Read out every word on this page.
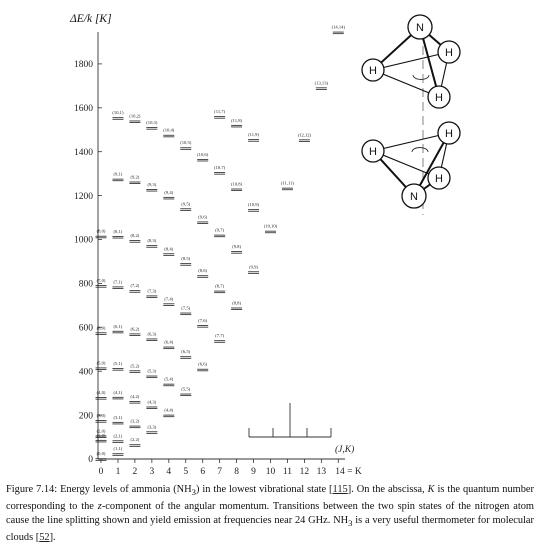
ΔE/k [K]
0
200
400
600
800
1000
1200
1400
1600
1800
0 1 2 3 4 5 6 7 8 9 10 11 12 13 14 = K
(0,0)
(1,0)
(2,0)
(3,0)
(4,0)
(5,0)
(6,0)
(7,0)
(8,0)
(1,1)
(2,1)
(3,1)
(4,1)
(5,1)
(6,1)
(7,1)
(8,1)
(9,1)
(10,1)
(2,2)
(3,2)
(4,2)
(5,2)
(6,2)
(7,2)
(8,2)
(9,2)
(10,2)
(3,3)
(4,3)
(5,3)
(6,3)
(7,3)
(8,3)
(9,3)
(10,3)
(4,4)
(5,4)
(6,4)
(7,4)
(8,4)
(9,4)
(10,4)
(5,5)
(6,5)
(7,5)
(8,5)
(9,5)
(10,5)
(6,6)
(7,6)
(8,6)
(9,6)
(10,6)
(7,7)
(8,7)
(9,7)
(10,7)
(11,7)
(8,8)
(9,8)
(10,8)
(11,8)
(9,9)
(10,9)
(11,9)
(10,10)
(11,11)
(12,12)
(13,13)
(14,14)
(J,K)
N
H
H
H
N
H
H
H
Figure 7.14: Energy levels of ammonia $(NH_3)$ in the lowest vibrational state [115]. On the abscissa, K is the quantum number corresponding to the z-component of the angular momentum. Transitions between the two spin states of the nitrogen atom cause the line splitting shown and yield emission at frequencies near 24 GHz. $NH_3$ is a very useful thermometer for molecular clouds [52].
